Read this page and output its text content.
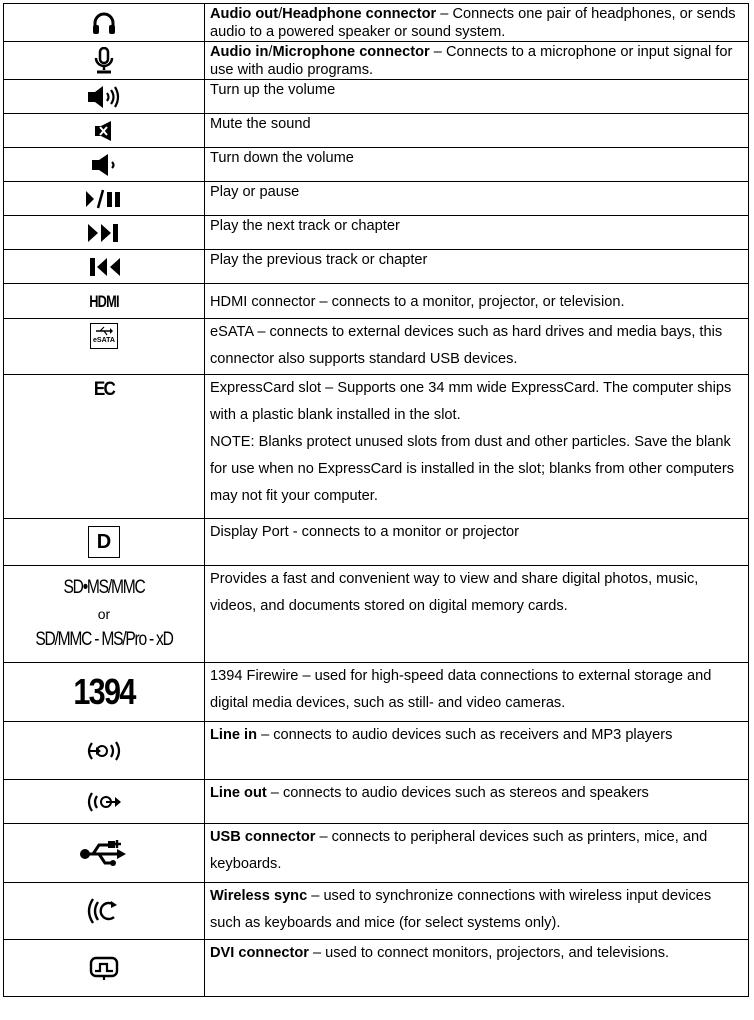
	Audio out/Headphone connector – Connects one pair of headphones, or sends audio to a powered speaker or sound system.

	Audio in/Microphone connector – Connects to a microphone or input signal for use with audio programs.

	Turn up the volume

	Mute the sound

	Turn down the volume

	Play or pause

	Play the next track or chapter

	Play the previous track or chapter

HDMI	HDMI connector – connects to a monitor, projector, or television.

eSATA	eSATA – connects to external devices such as hard drives and media bays, this connector also supports standard USB devices.

EC	ExpressCard slot – Supports one 34 mm wide ExpressCard. The computer ships with a plastic blank installed in the slot.
NOTE: Blanks protect unused slots from dust and other particles. Save the blank for use when no ExpressCard is installed in the slot; blanks from other computers may not fit your computer.

D	Display Port - connects to a monitor or projector

SD•MS/MMC
or
SD/MMC - MS/Pro - xD	Provides a fast and convenient way to view and share digital photos, music, videos, and documents stored on digital memory cards.

1394	1394 Firewire – used for high-speed data connections to external storage and digital media devices, such as still- and video cameras.

	Line in – connects to audio devices such as receivers and MP3 players

	Line out – connects to audio devices such as stereos and speakers

	USB connector – connects to peripheral devices such as printers, mice, and keyboards.

	Wireless sync – used to synchronize connections with wireless input devices such as keyboards and mice (for select systems only).

	DVI connector – used to connect monitors, projectors, and televisions.
